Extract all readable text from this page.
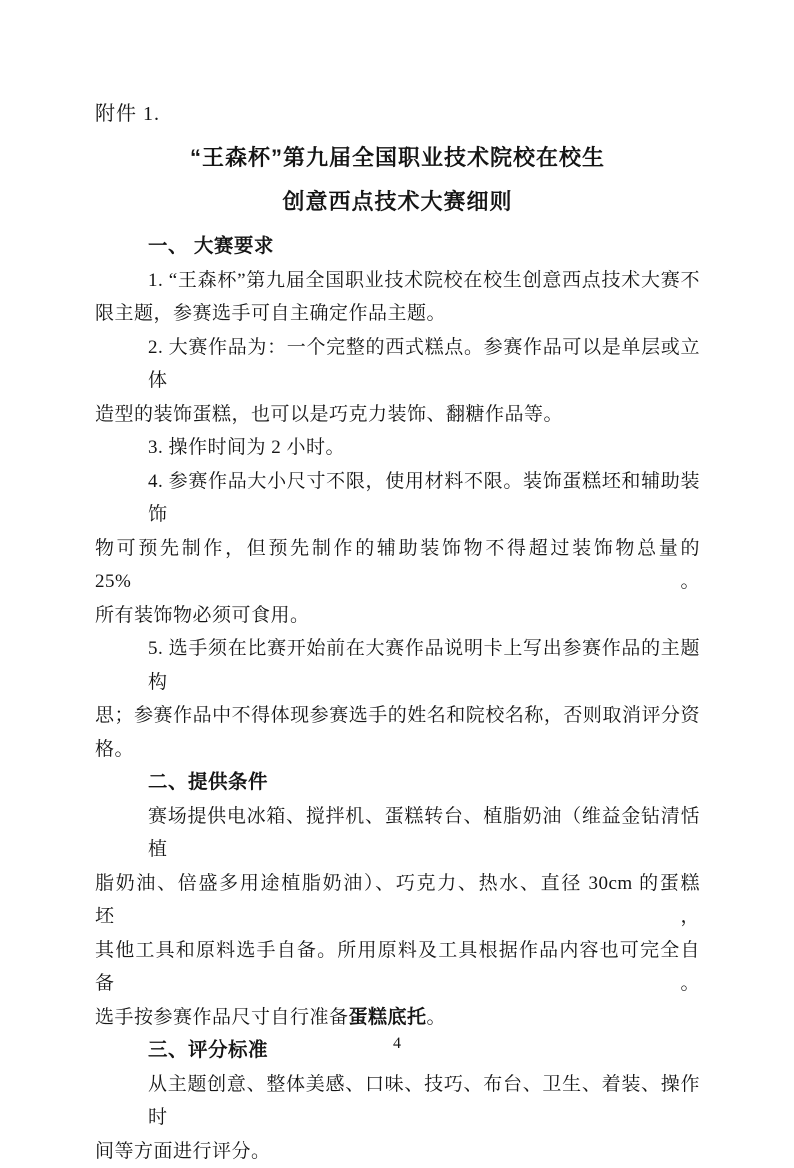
附件 1.
“王森杯”第九届全国职业技术院校在校生
创意西点技术大赛细则
一、 大赛要求
1. “王森杯”第九届全国职业技术院校在校生创意西点技术大赛不
限主题，参赛选手可自主确定作品主题。
2. 大赛作品为：一个完整的西式糕点。参赛作品可以是单层或立体
造型的装饰蛋糕，也可以是巧克力装饰、翻糖作品等。
3. 操作时间为 2 小时。
4. 参赛作品大小尺寸不限，使用材料不限。装饰蛋糕坯和辅助装饰
物可预先制作，但预先制作的辅助装饰物不得超过装饰物总量的 25%。
所有装饰物必须可食用。
5. 选手须在比赛开始前在大赛作品说明卡上写出参赛作品的主题构
思；参赛作品中不得体现参赛选手的姓名和院校名称，否则取消评分资
格。
二、提供条件
赛场提供电冰箱、搅拌机、蛋糕转台、植脂奶油（维益金钻清恬植
脂奶油、倍盛多用途植脂奶油）、巧克力、热水、直径 30cm 的蛋糕坯，
其他工具和原料选手自备。所用原料及工具根据作品内容也可完全自备。
选手按参赛作品尺寸自行准备蛋糕底托。
三、评分标准
从主题创意、整体美感、口味、技巧、布台、卫生、着装、操作时
间等方面进行评分。
4
